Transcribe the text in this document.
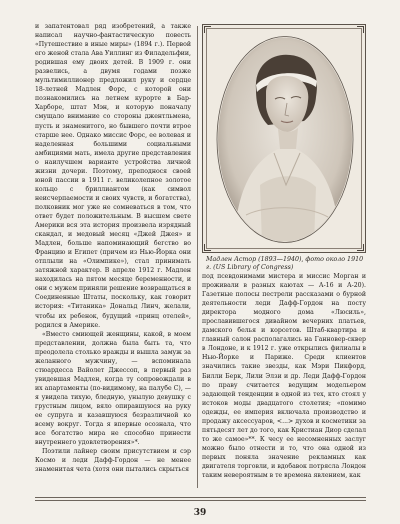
и запатентовал ряд изобретений, а также написал научно-фантастическую повесть «Путешествие в иные миры» (1894 г.). Первой его женой стала Ава Уиллинг из Филадельфии, родившая ему двоих детей. В 1909 г. они развелись, а двумя годами позже мультимиллионер предложил руку и сердце 18-летней Мадлен Форс, с которой они познакомились на летнем курорте в Бар-Харборе, штат Мэн, и которую поначалу смущало внимание со стороны джентльмена, пусть и знаменитого, но бывшего почти втрое старше нее. Однако миссис Форс, ее волевая и наделенная большими социальными амбициями мать, имела другие представления о наилучшем варианте устройства личной жизни дочери. Поэтому, преподнося своей юной пассии в 1911 г. великолепное золотое кольцо с бриллиантом (как символ неисчерпаемости и своих чувств, и богатства), полковник мог уже не сомневаться в том, что ответ будет положительным. В высшем свете Америки вся эта история произвела изрядный скандал, и медовый месяц «Джей Джея» и Мадлен, больше напоминающий бегство во Францию и Египет (причем из Нью-Йорка они отплыли на «Олимпике»), стал принимать затяжной характер. В апреле 1912 г. Мадлен находилась на пятом месяце беременности, и они с мужем приняли решение возвращаться в Соединенные Штаты, поскольку, как говорит история: «Титаника» Дональд Линч, желали, чтобы их ребенок, будущий «принц отелей», родился в Америке.

«Вместо смиющей женщины, какой, в моем представлении, должна была быть та, что преодолела столько вражды и вышла замуж за желанного мужчину, — вспоминала стюардесса Вайолет Джессоп, в первый раз увидевшая Мадлен, когда ту сопровождали в их апартаменты (по-видимому, на палубе С), — я увидела тихую, бледную, унылую девушку с грустным лицом, вяло опиравшуюся на руку ее супруга и казавшуюся безразличной ко всему вокруг. Тогда я впервые осознала, что все богатство мира не способно принести внутреннего удовлетворения»*.

Поэтили лайнер своим присутствием и сэр Космо и леди Дафф-Гордон — не менее знаменитая чета (хотя они пытались скрыться

Мадлен Астор (1893—1940), фото около 1910 г. (US Library of Congress)

под псевдонимами мистера и миссис Морган и проживали в разных каютах — А-16 и А-20). Газетные полосы пестрели рассказами о бурной деятельности леди Дафф-Гордон на посту директора модного дома «Люсиль», прославившегося дивайном вечерних платьев, дамского белья и корсетов. Штаб-квартира и главный салон располагались на Ганновер-сквер в Лондоне, и к 1912 г. уже открылись филиалы в Нью-Йорке и Париже. Среди клиентов значились такие звезды, как Мэри Пикфорд, Билли Берк, Лили Элзи и др. Леди Дафф-Гордон по праву считается ведущим модельером задающей тенденции в одной из тех, кто стоял у истоков моды двадцатого столетия; «помимо одежды, ее империя включала производство и продажу аксессуаров, <...> духов и косметики за пятьдесят лет до того, как Кристиан Диор сделал то же самое»**. К чесу ее несомненных заслуг можно было отнести и то, что она одной из первых поняла значение рекламных как двигателя торговли, и вдобавок потрясла Лондон таким невероятным в те времена явлением, как

39
